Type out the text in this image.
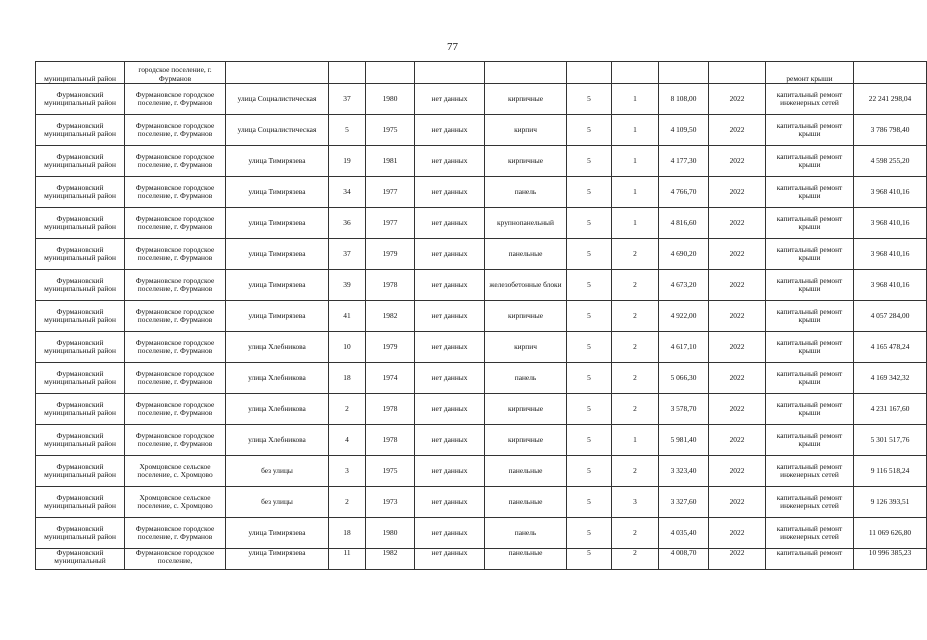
77
муниципальный район	городское поселение, г. Фурманов										ремонт крыши	
Фурмановский муниципальный район	Фурмановское городское поселение, г. Фурманов	улица Социалистическая	37	1980	нет данных	кирпичные	5	1	8 108,00	2022	капитальный ремонт инженерных сетей	22 241 298,04
Фурмановский муниципальный район	Фурмановское городское поселение, г. Фурманов	улица Социалистическая	5	1975	нет данных	кирпич	5	1	4 109,50	2022	капитальный ремонт крыши	3 786 798,40
Фурмановский муниципальный район	Фурмановское городское поселение, г. Фурманов	улица Тимирязева	19	1981	нет данных	кирпичные	5	1	4 177,30	2022	капитальный ремонт крыши	4 598 255,20
Фурмановский муниципальный район	Фурмановское городское поселение, г. Фурманов	улица Тимирязева	34	1977	нет данных	панель	5	1	4 766,70	2022	капитальный ремонт крыши	3 968 410,16
Фурмановский муниципальный район	Фурмановское городское поселение, г. Фурманов	улица Тимирязева	36	1977	нет данных	крупнопанельный	5	1	4 816,60	2022	капитальный ремонт крыши	3 968 410,16
Фурмановский муниципальный район	Фурмановское городское поселение, г. Фурманов	улица Тимирязева	37	1979	нет данных	панельные	5	2	4 690,20	2022	капитальный ремонт крыши	3 968 410,16
Фурмановский муниципальный район	Фурмановское городское поселение, г. Фурманов	улица Тимирязева	39	1978	нет данных	железобетонные блоки	5	2	4 673,20	2022	капитальный ремонт крыши	3 968 410,16
Фурмановский муниципальный район	Фурмановское городское поселение, г. Фурманов	улица Тимирязева	41	1982	нет данных	кирпичные	5	2	4 922,00	2022	капитальный ремонт крыши	4 057 284,00
Фурмановский муниципальный район	Фурмановское городское поселение, г. Фурманов	улица Хлебникова	10	1979	нет данных	кирпич	5	2	4 617,10	2022	капитальный ремонт крыши	4 165 478,24
Фурмановский муниципальный район	Фурмановское городское поселение, г. Фурманов	улица Хлебникова	18	1974	нет данных	панель	5	2	5 066,30	2022	капитальный ремонт крыши	4 169 342,32
Фурмановский муниципальный район	Фурмановское городское поселение, г. Фурманов	улица Хлебникова	2	1978	нет данных	кирпичные	5	2	3 578,70	2022	капитальный ремонт крыши	4 231 167,60
Фурмановский муниципальный район	Фурмановское городское поселение, г. Фурманов	улица Хлебникова	4	1978	нет данных	кирпичные	5	1	5 981,40	2022	капитальный ремонт крыши	5 301 517,76
Фурмановский муниципальный район	Хромцовское сельское поселение, с. Хромцово	без улицы	3	1975	нет данных	панельные	5	2	3 323,40	2022	капитальный ремонт инженерных сетей	9 116 518,24
Фурмановский муниципальный район	Хромцовское сельское поселение, с. Хромцово	без улицы	2	1973	нет данных	панельные	5	3	3 327,60	2022	капитальный ремонт инженерных сетей	9 126 393,51
Фурмановский муниципальный район	Фурмановское городское поселение, г. Фурманов	улица Тимирязева	18	1980	нет данных	панель	5	2	4 035,40	2022	капитальный ремонт инженерных сетей	11 069 626,80
Фурмановский муниципальный	Фурмановское городское поселение,	улица Тимирязева	11	1982	нет данных	панельные	5	2	4 008,70	2022	капитальный ремонт	10 996 385,23
